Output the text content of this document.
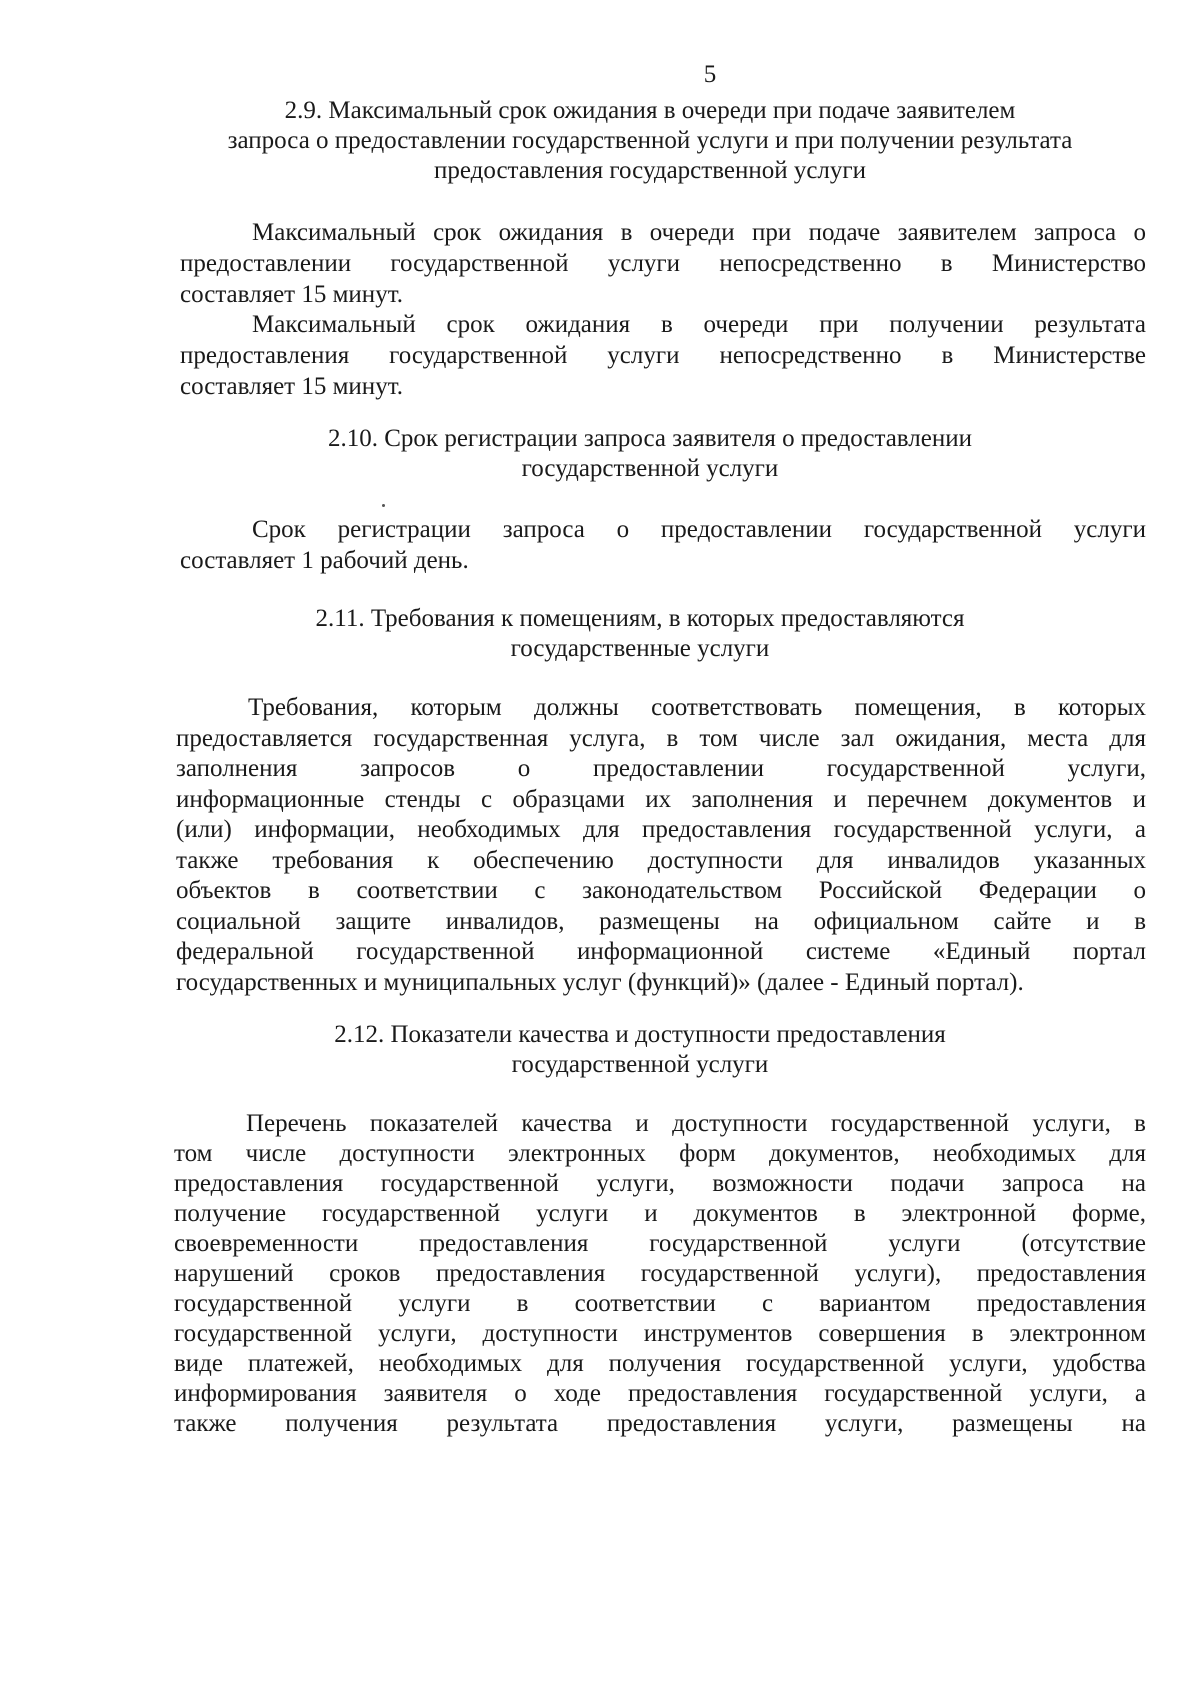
5
2.9. Максимальный срок ожидания в очереди при подаче заявителем
запроса о предоставлении государственной услуги и при получении результата
предоставления государственной услуги
Максимальный срок ожидания в очереди при подаче заявителем запроса о
предоставлении государственной услуги непосредственно в Министерство
составляет 15 минут.
Максимальный срок ожидания в очереди при получении результата
предоставления государственной услуги непосредственно в Министерстве
составляет 15 минут.
2.10. Срок регистрации запроса заявителя о предоставлении
государственной услуги
Срок регистрации запроса о предоставлении государственной услуги
составляет 1 рабочий день.
2.11. Требования к помещениям, в которых предоставляются
государственные услуги
Требования, которым должны соответствовать помещения, в которых
предоставляется государственная услуга, в том числе зал ожидания, места для
заполнения запросов о предоставлении государственной услуги,
информационные стенды с образцами их заполнения и перечнем документов и
(или) информации, необходимых для предоставления государственной услуги, а
также требования к обеспечению доступности для инвалидов указанных
объектов в соответствии с законодательством Российской Федерации о
социальной защите инвалидов, размещены на официальном сайте и в
федеральной государственной информационной системе «Единый портал
государственных и муниципальных услуг (функций)» (далее - Единый портал).
2.12. Показатели качества и доступности предоставления
государственной услуги
Перечень показателей качества и доступности государственной услуги, в
том числе доступности электронных форм документов, необходимых для
предоставления государственной услуги, возможности подачи запроса на
получение государственной услуги и документов в электронной форме,
своевременности предоставления государственной услуги (отсутствие
нарушений сроков предоставления государственной услуги), предоставления
государственной услуги в соответствии с вариантом предоставления
государственной услуги, доступности инструментов совершения в электронном
виде платежей, необходимых для получения государственной услуги, удобства
информирования заявителя о ходе предоставления государственной услуги, а
также получения результата предоставления услуги, размещены на
